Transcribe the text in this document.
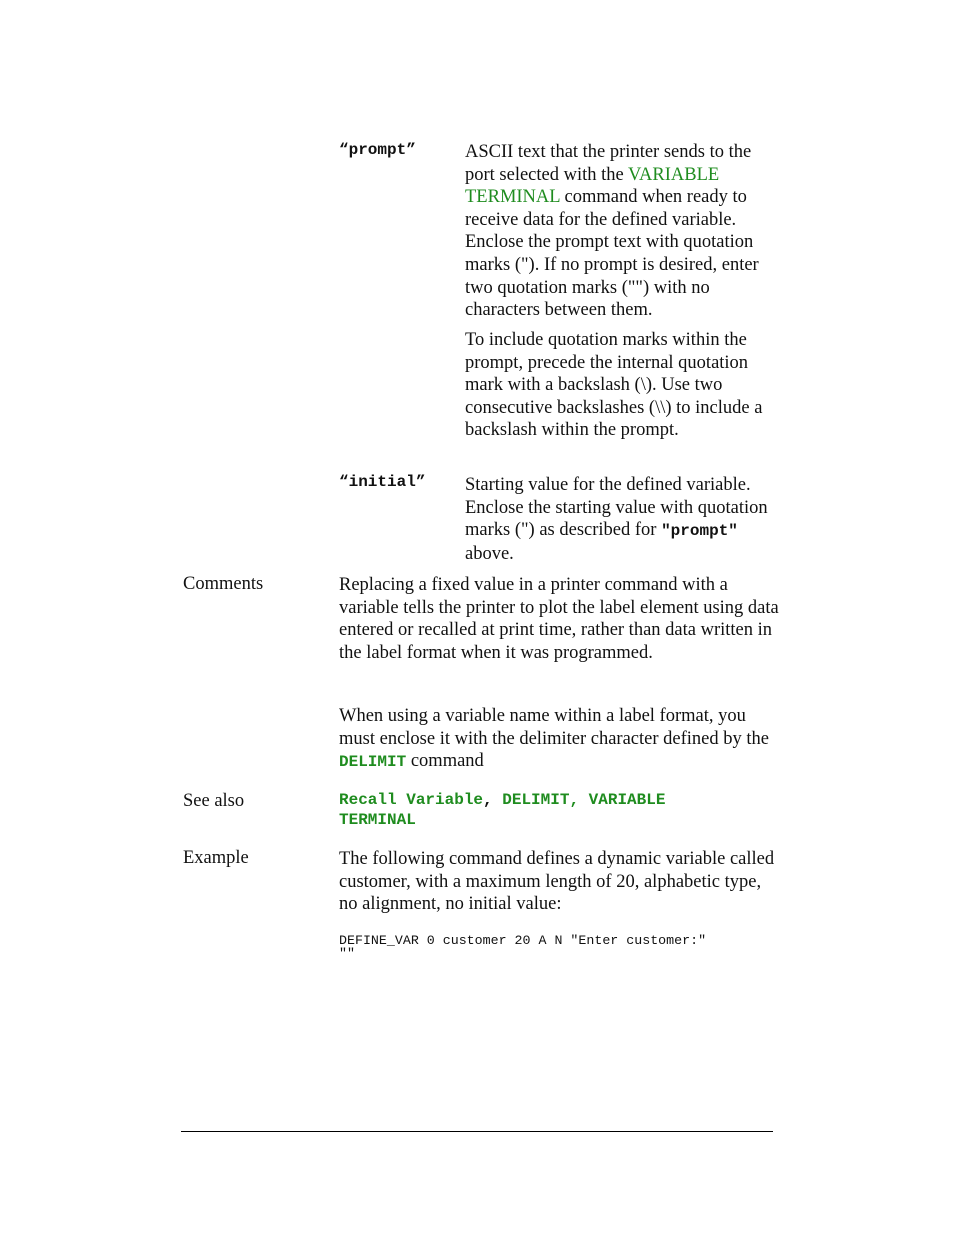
“prompt”	ASCII text that the printer sends to the port selected with the VARIABLE TERMINAL command when ready to receive data for the defined variable. Enclose the prompt text with quotation marks ("). If no prompt is desired, enter two quotation marks ("") with no characters between them.
To include quotation marks within the prompt, precede the internal quotation mark with a backslash (\). Use two consecutive backslashes (\\) to include a backslash within the prompt.
“initial” Starting value for the defined variable. Enclose the starting value with quotation marks (") as described for "prompt" above.
Comments	Replacing a fixed value in a printer command with a variable tells the printer to plot the label element using data entered or recalled at print time, rather than data written in the label format when it was programmed.
When using a variable name within a label format, you must enclose it with the delimiter character defined by the DELIMIT command
See also	Recall Variable, DELIMIT, VARIABLE TERMINAL
Example	The following command defines a dynamic variable called customer, with a maximum length of 20, alphabetic type, no alignment, no initial value:
DEFINE_VAR 0 customer 20 A N "Enter customer:"
""
